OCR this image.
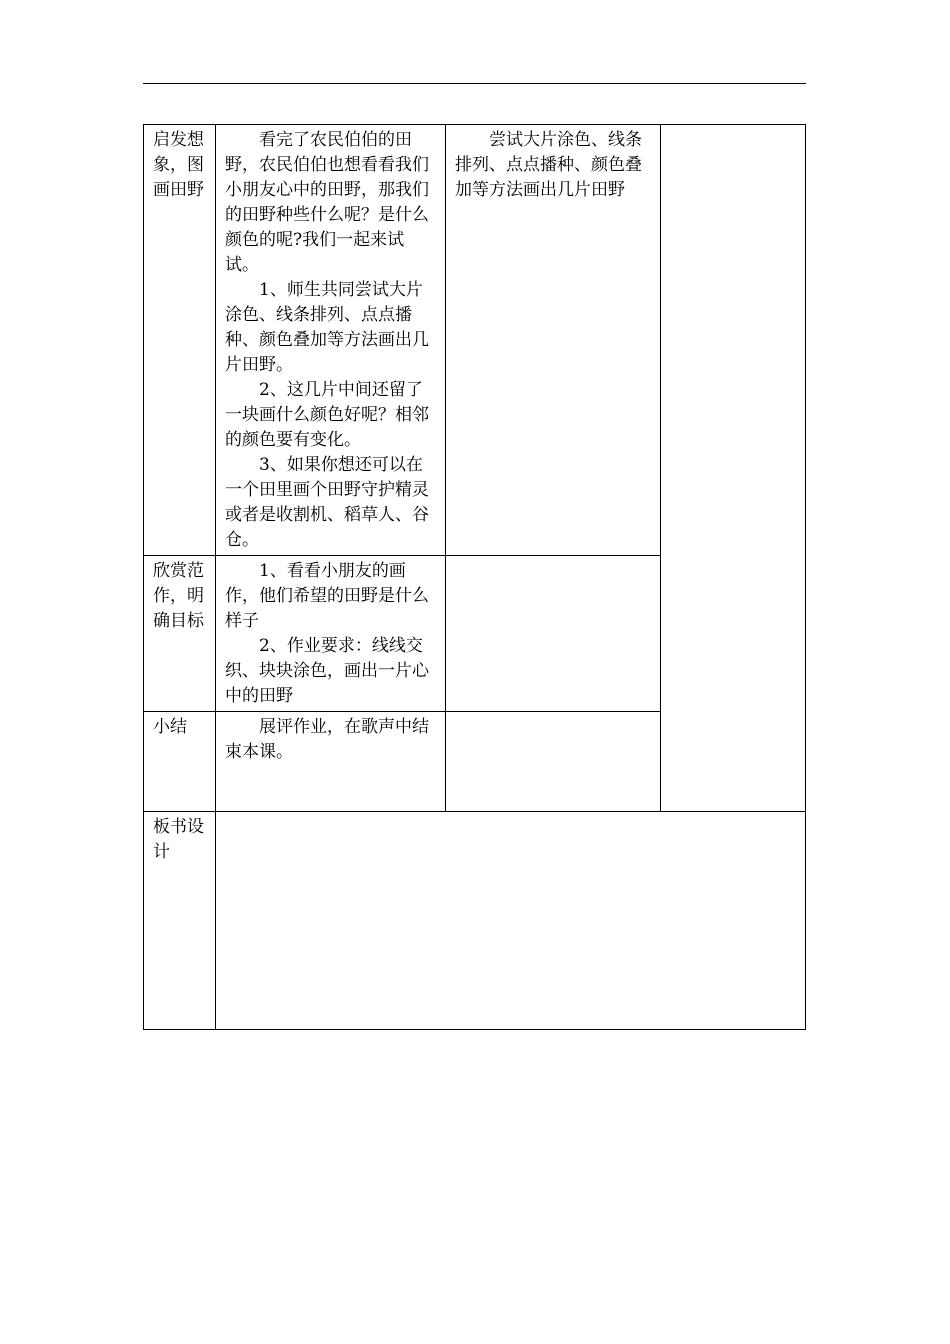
启发想象，图画田野	看完了农民伯伯的田野，农民伯伯也想看看我们小朋友心中的田野，那我们的田野种些什么呢？是什么颜色的呢?我们一起来试试。

1、师生共同尝试大片涂色、线条排列、点点播种、颜色叠加等方法画出几片田野。

2、这几片中间还留了一块画什么颜色好呢？相邻的颜色要有变化。

3、如果你想还可以在一个田里画个田野守护精灵或者是收割机、稻草人、谷仓。	尝试大片涂色、线条排列、点点播种、颜色叠加等方法画出几片田野	

欣赏范作，明确目标	1、看看小朋友的画作，他们希望的田野是什么样子

2、作业要求：线线交织、块块涂色，画出一片心中的田野		

小结	展评作业，在歌声中结束本课。		

板书设计			
